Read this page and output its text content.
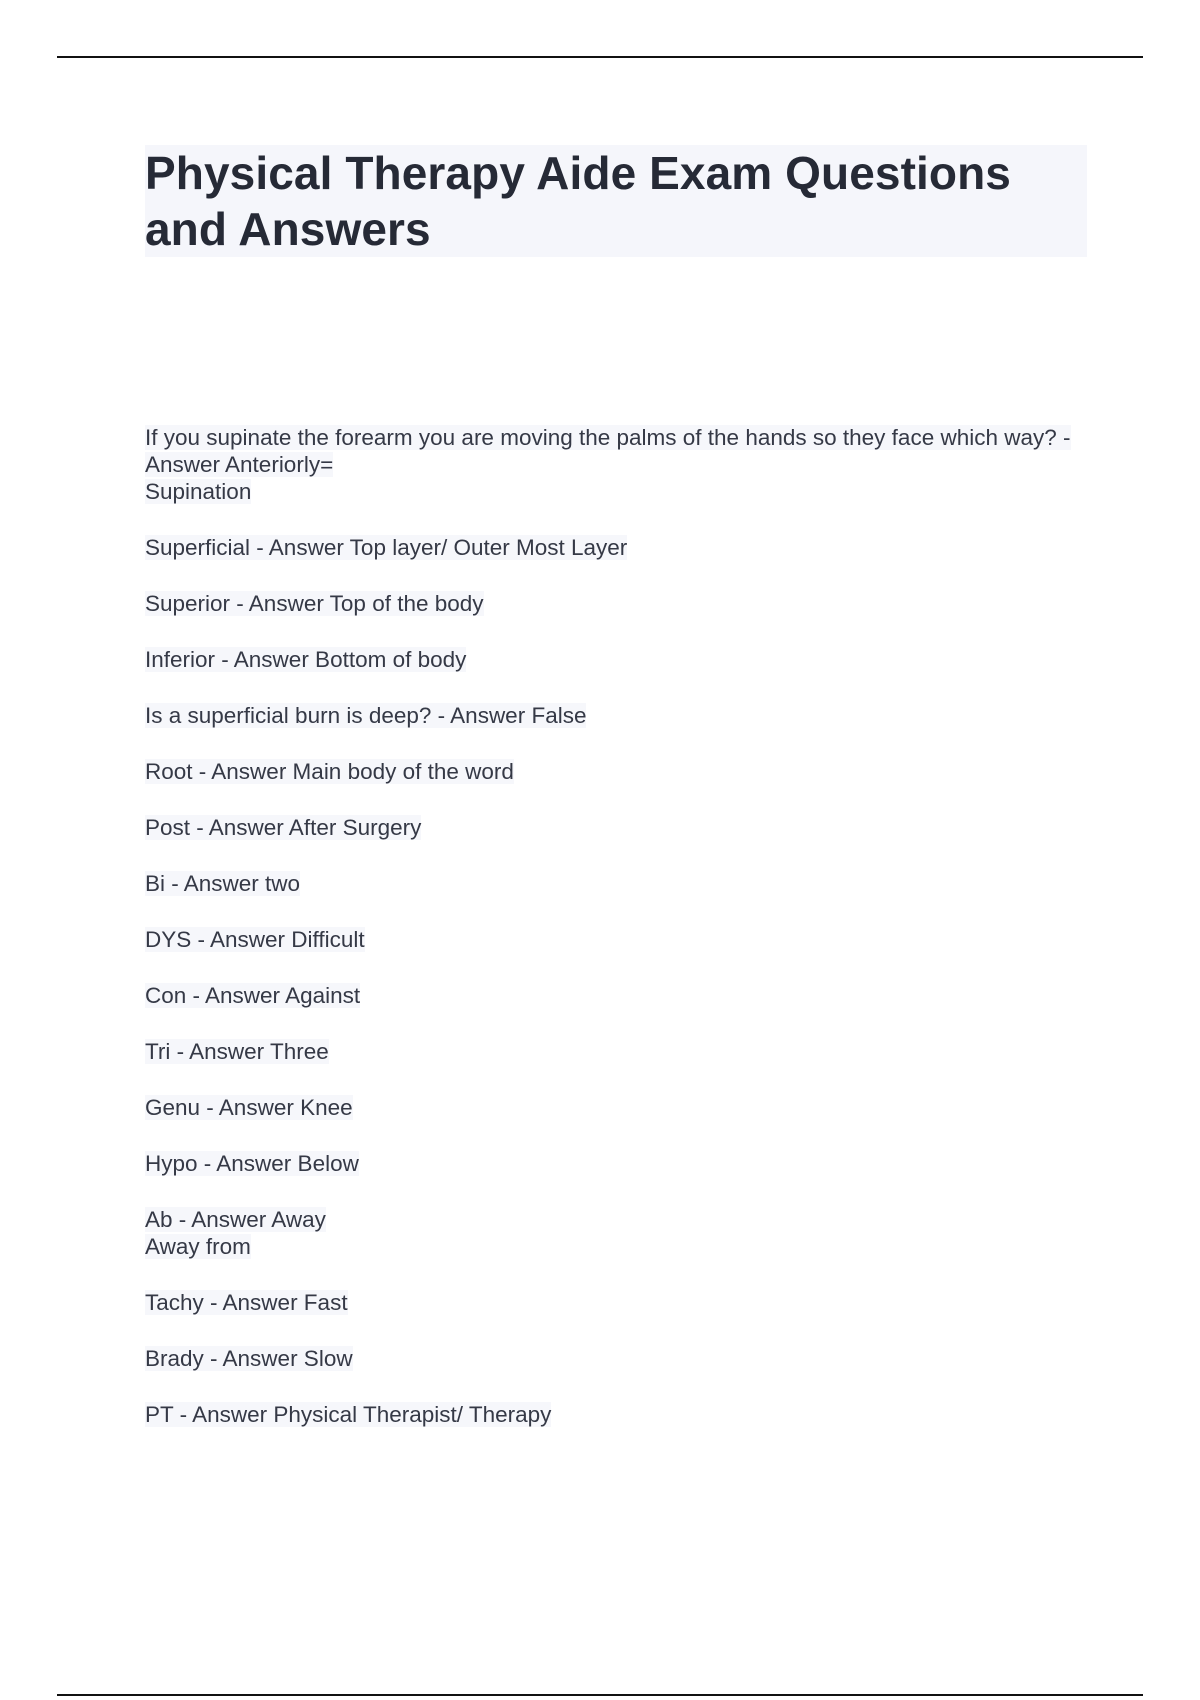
Physical Therapy Aide Exam Questions and Answers
If you supinate the forearm you are moving the palms of the hands so they face which way? - Answer Anteriorly=
Supination
Superficial - Answer Top layer/ Outer Most Layer
Superior - Answer Top of the body
Inferior - Answer Bottom of body
Is a superficial burn is deep? - Answer False
Root - Answer Main body of the word
Post - Answer After Surgery
Bi - Answer two
DYS - Answer Difficult
Con - Answer Against
Tri - Answer Three
Genu - Answer Knee
Hypo - Answer Below
Ab - Answer Away
Away from
Tachy - Answer Fast
Brady - Answer Slow
PT - Answer Physical Therapist/ Therapy
